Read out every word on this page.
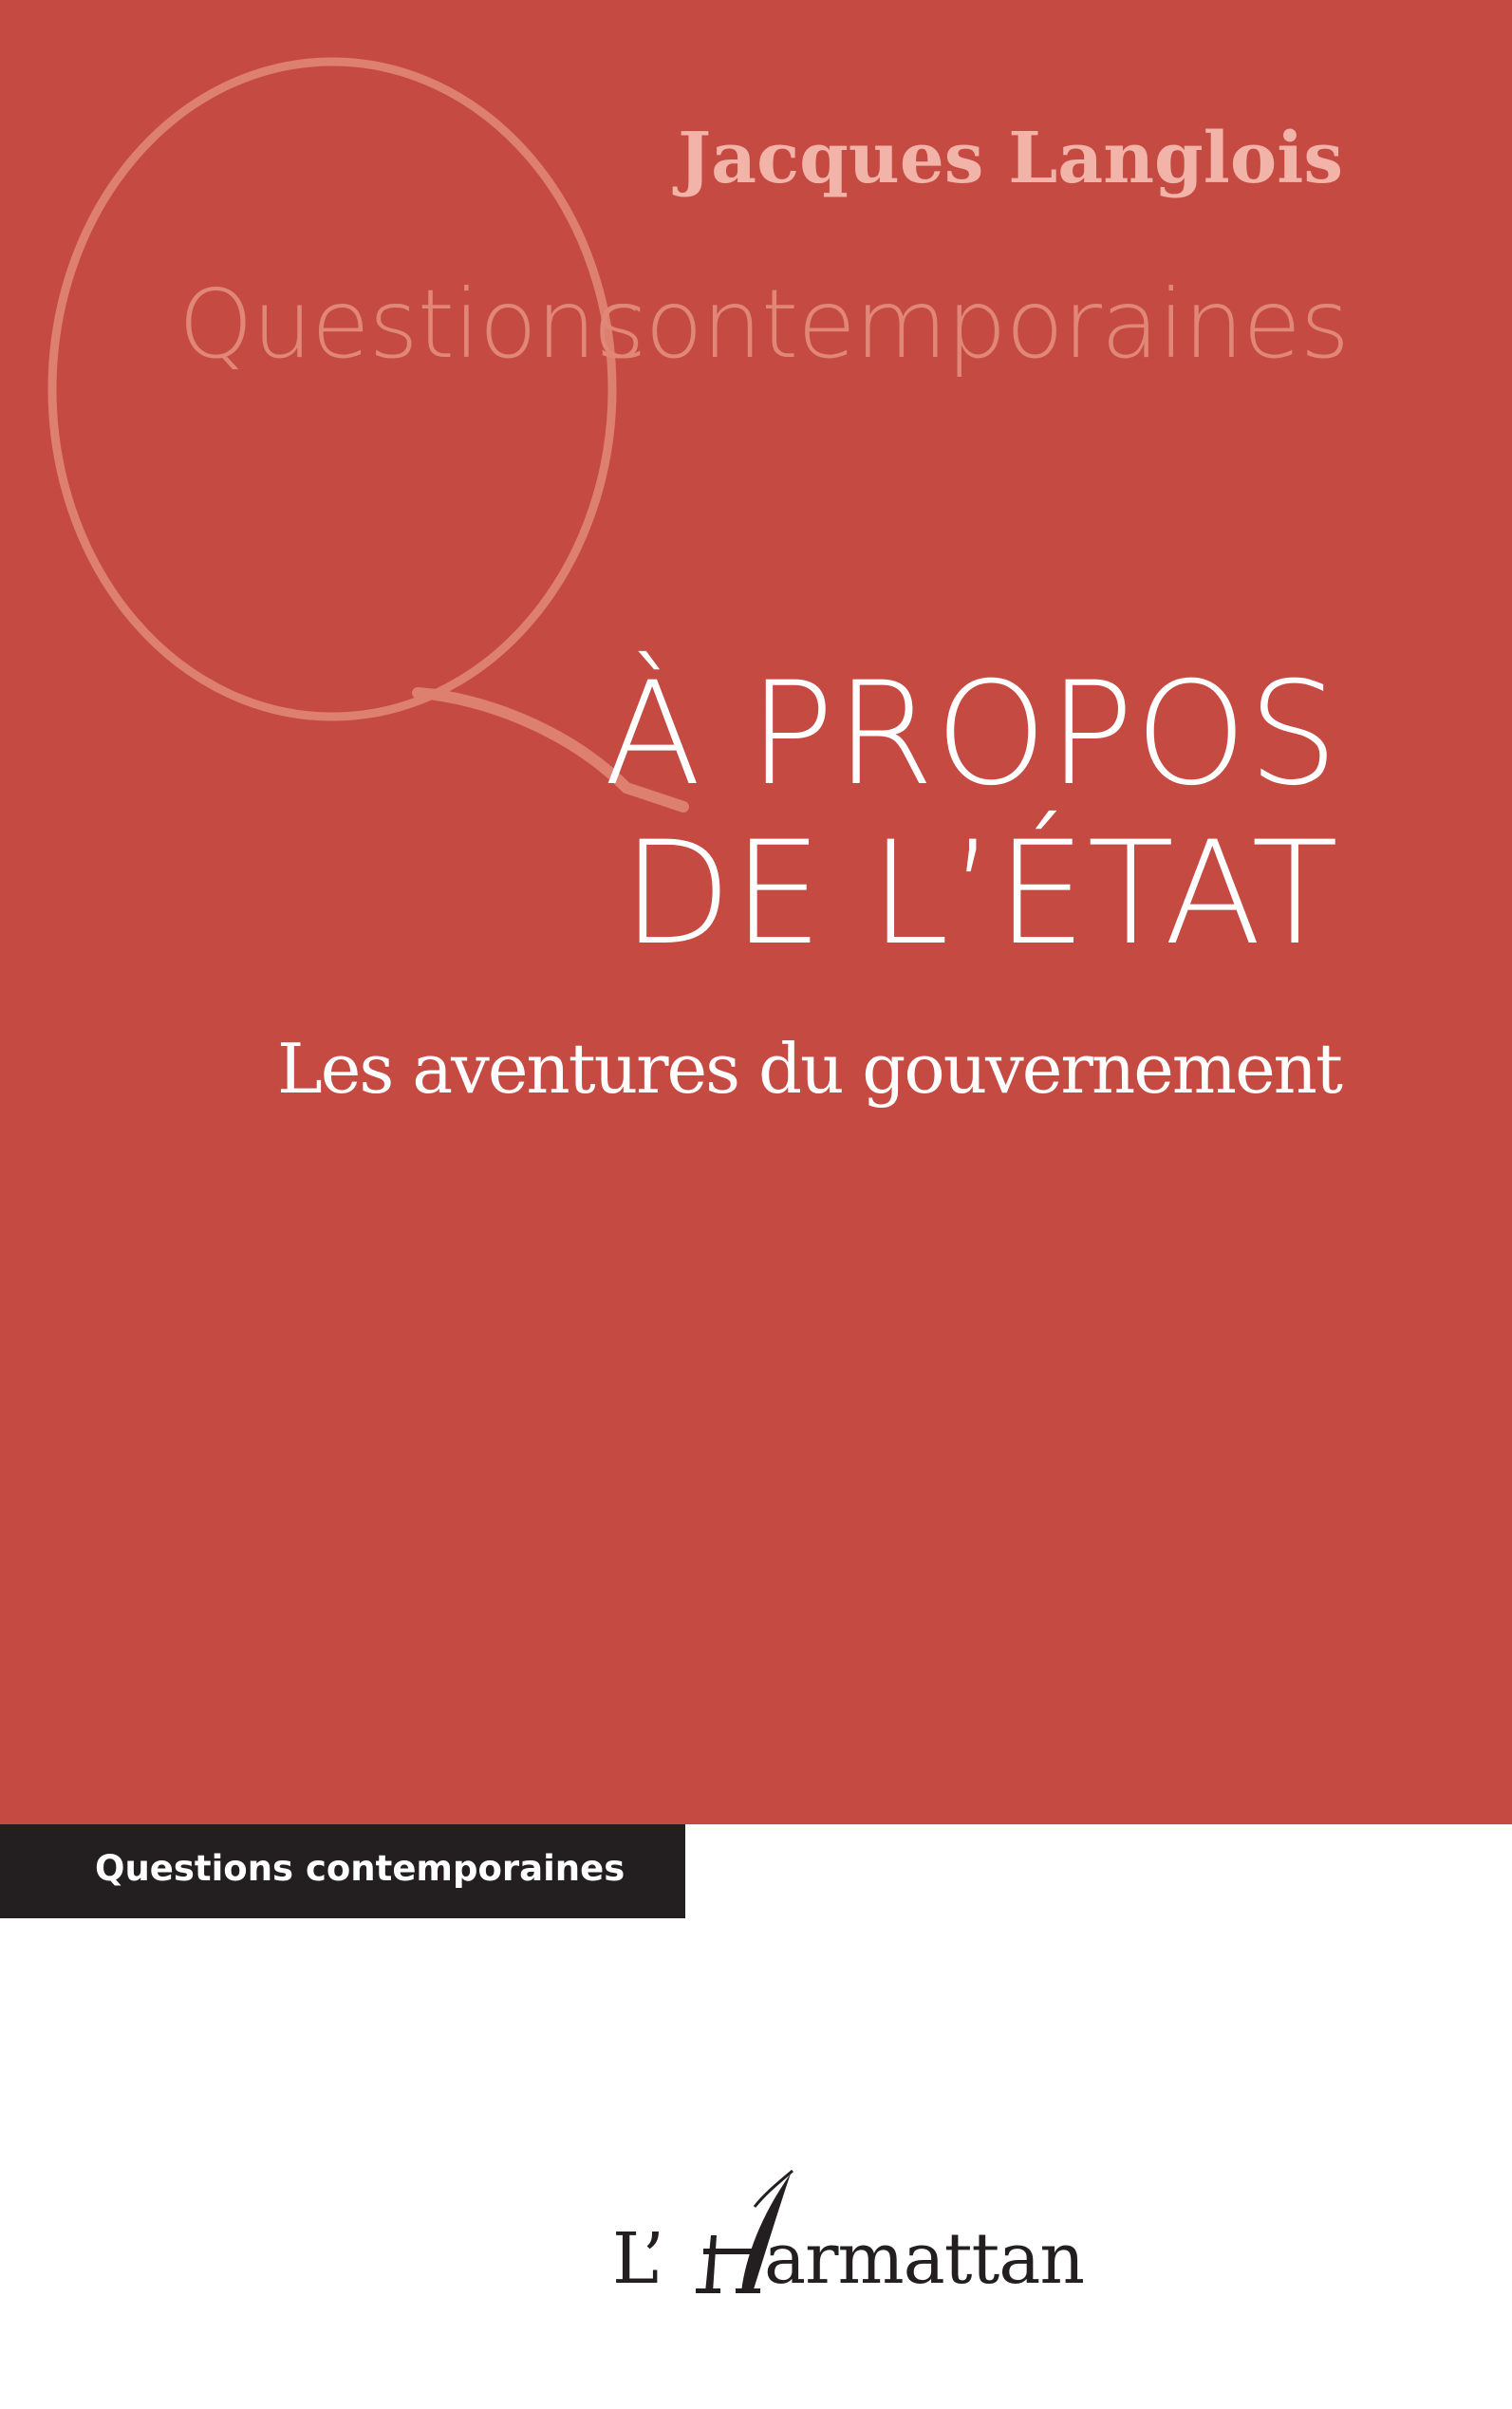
Jacques Langlois
Questions
contemporaines
À PROPOS
DE L’ÉTAT
Les aventures du gouvernement
Questions contemporaines
L’ armattan
